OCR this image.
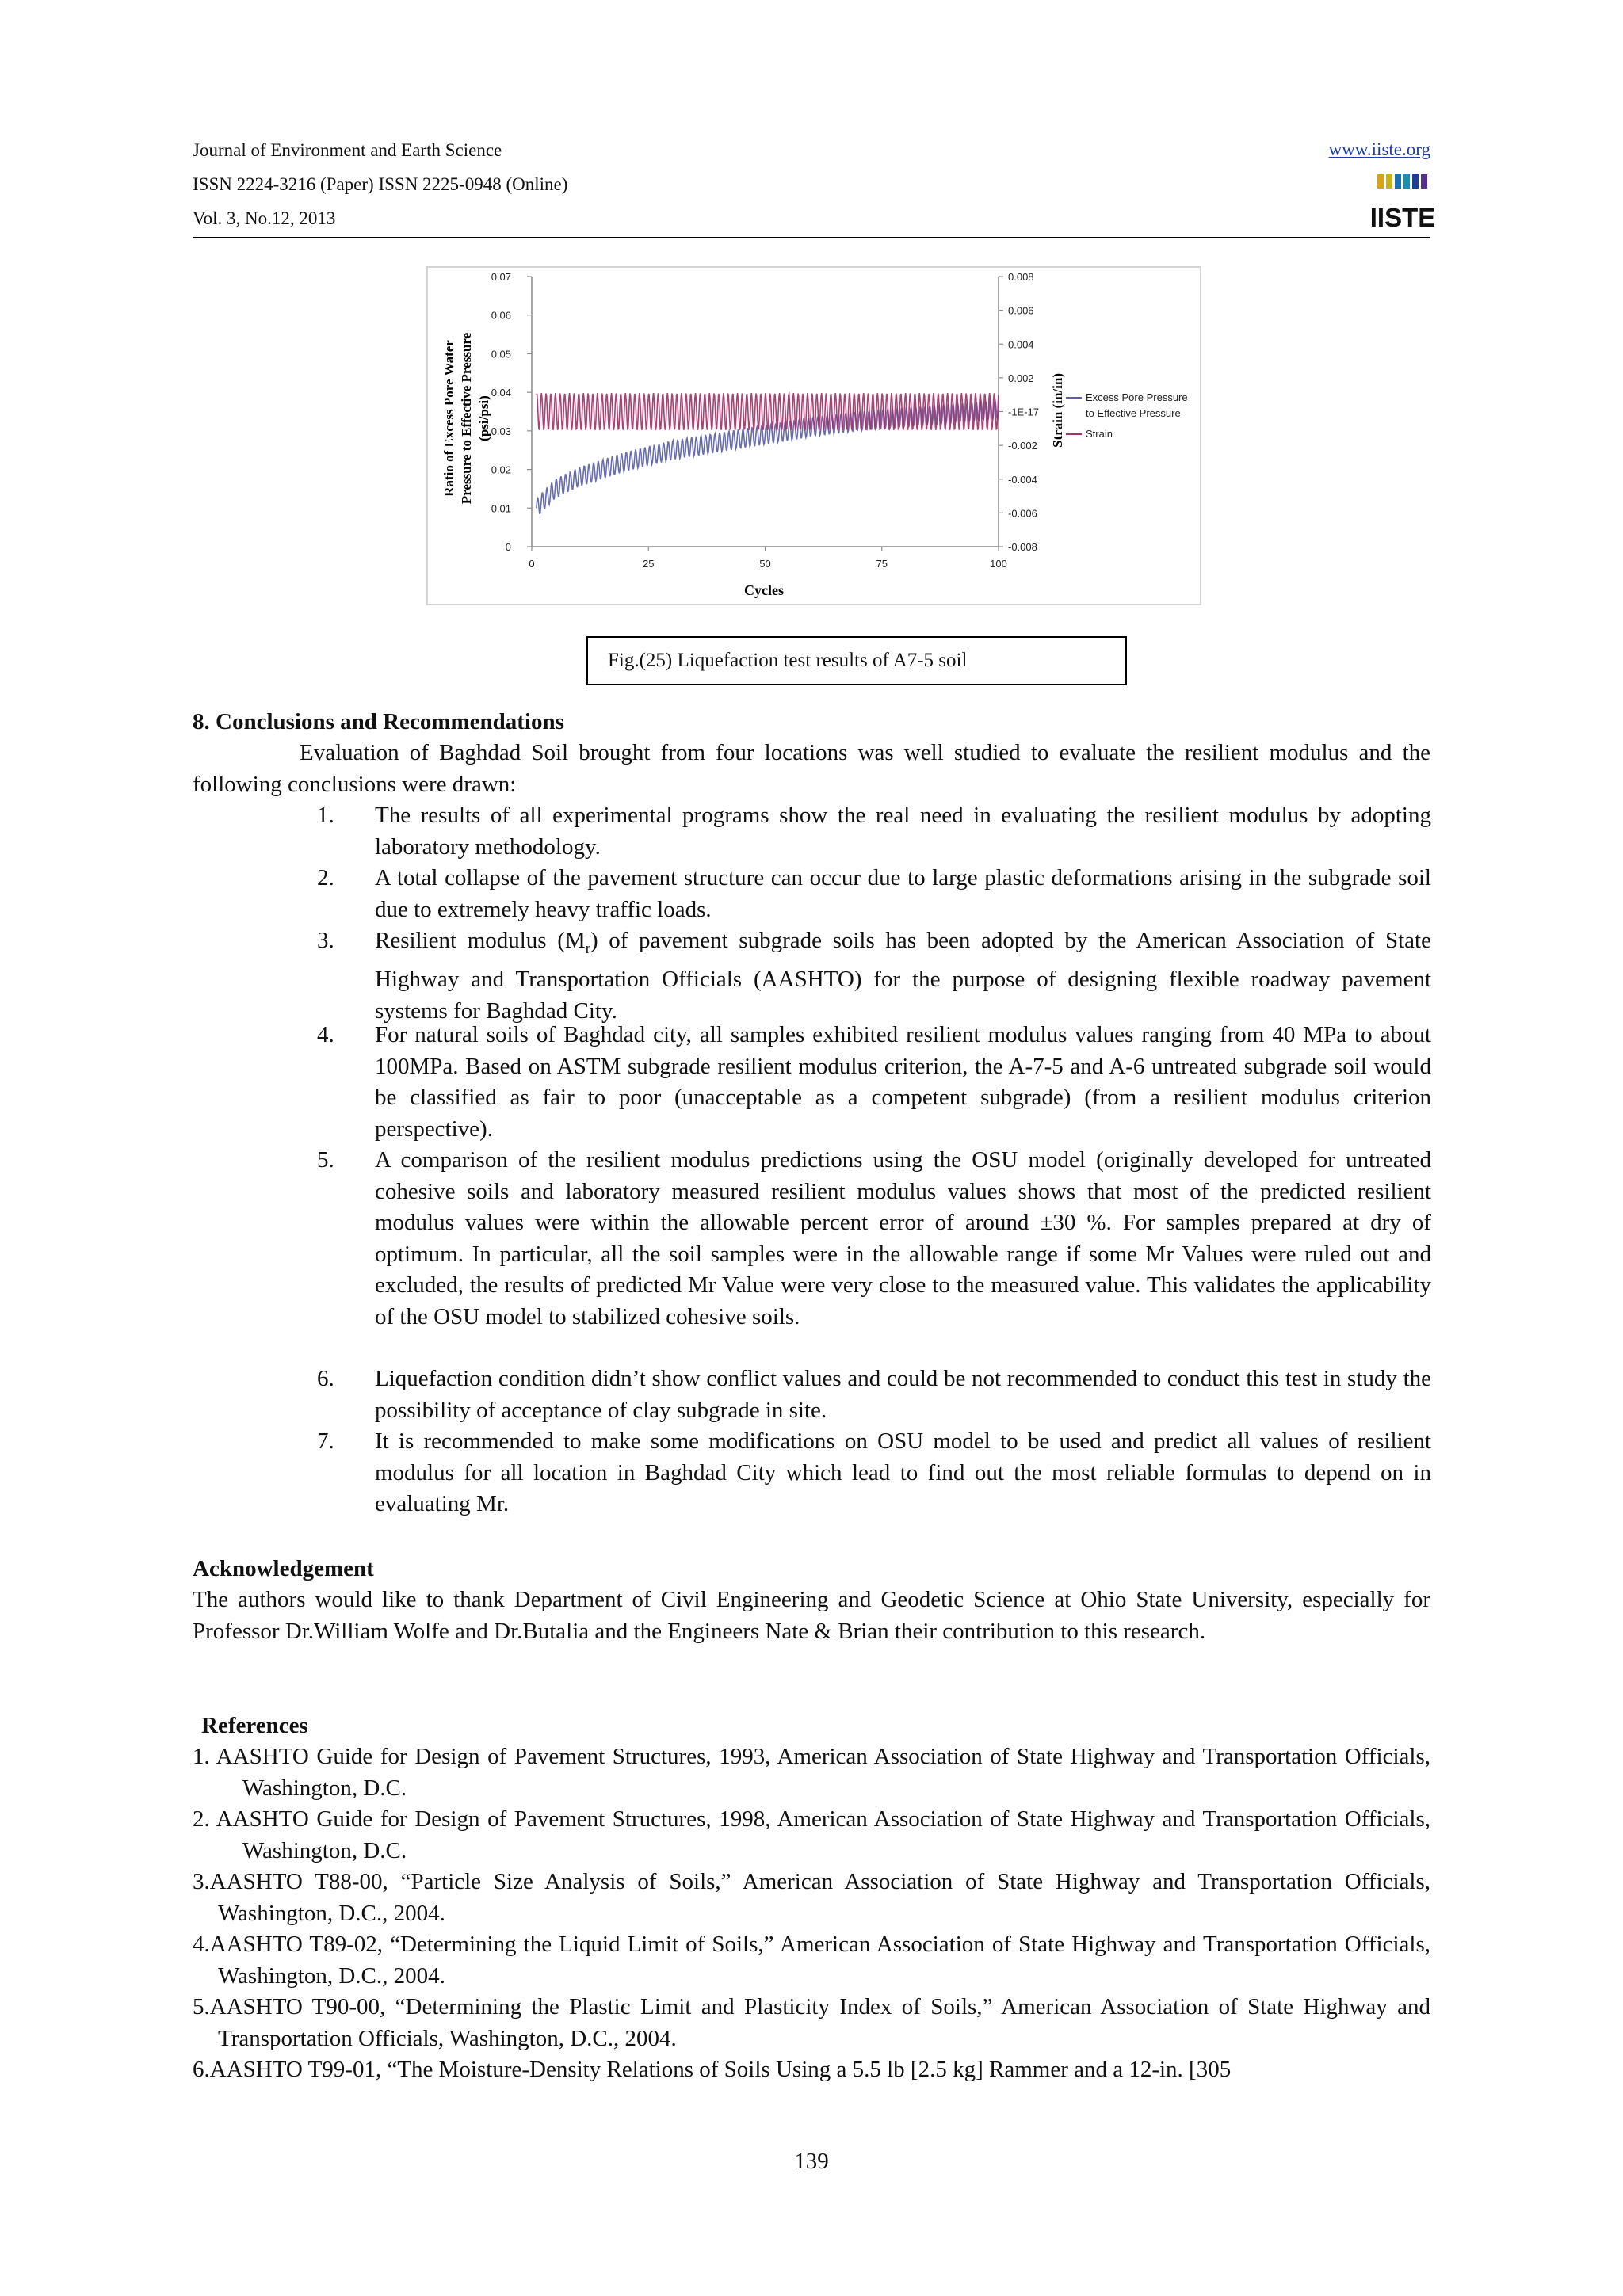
Journal of Environment and Earth Science
ISSN 2224-3216 (Paper) ISSN 2225-0948 (Online)
Vol. 3, No.12, 2013
www.iiste.org
IISTE
Ratio of Excess Pore Water Pressure to Effective Pressure (psi/psi)	Strain (in/in)
Cycles
0
0.01
0.02
0.03
0.04
0.05
0.06
0.07
-0.008
-0.006
-0.004
-0.002
-1E-17
0.002
0.004
0.006
0.008
0	25	50	75	100
Excess Pore Pressure
to Effective Pressure
Strain
Fig.(25) Liquefaction test results of A7-5 soil
8. Conclusions and Recommendations
Evaluation of Baghdad Soil brought from four locations was well studied to evaluate the resilient modulus and the following conclusions were drawn:
1.	The results of all experimental programs show the real need in evaluating the resilient modulus by adopting laboratory methodology.
2.	A total collapse of the pavement structure can occur due to large plastic deformations arising in the subgrade soil due to extremely heavy traffic loads.
3.	Resilient modulus $(M_r)$ of pavement subgrade soils has been adopted by the American Association of State Highway and Transportation Officials (AASHTO) for the purpose of designing flexible roadway pavement systems for Baghdad City.
4.	For natural soils of Baghdad city, all samples exhibited resilient modulus values ranging from 40 MPa to about 100MPa. Based on ASTM subgrade resilient modulus criterion, the A-7-5 and A-6 untreated subgrade soil would be classified as fair to poor (unacceptable as a competent subgrade) (from a resilient modulus criterion perspective).
5.	A comparison of the resilient modulus predictions using the OSU model (originally developed for untreated cohesive soils and laboratory measured resilient modulus values shows that most of the predicted resilient modulus values were within the allowable percent error of around ±30 %. For samples prepared at dry of optimum. In particular, all the soil samples were in the allowable range if some Mr Values were ruled out and excluded, the results of predicted Mr Value were very close to the measured value. This validates the applicability of the OSU model to stabilized cohesive soils.
6.	Liquefaction condition didn’t show conflict values and could be not recommended to conduct this test in study the possibility of acceptance of clay subgrade in site.
7.	It is recommended to make some modifications on OSU model to be used and predict all values of resilient modulus for all location in Baghdad City which lead to find out the most reliable formulas to depend on in evaluating Mr.
Acknowledgement
The authors would like to thank Department of Civil Engineering and Geodetic Science at Ohio State University, especially for Professor Dr.William Wolfe and Dr.Butalia and the Engineers Nate & Brian their contribution to this research.
References
1. AASHTO Guide for Design of Pavement Structures, 1993, American Association of State Highway and Transportation Officials, Washington, D.C.
2. AASHTO Guide for Design of Pavement Structures, 1998, American Association of State Highway and Transportation Officials, Washington, D.C.
3.AASHTO T88-00, “Particle Size Analysis of Soils,” American Association of State Highway and Transportation Officials, Washington, D.C., 2004.
4.AASHTO T89-02, “Determining the Liquid Limit of Soils,” American Association of State Highway and Transportation Officials, Washington, D.C., 2004.
5.AASHTO T90-00, “Determining the Plastic Limit and Plasticity Index of Soils,” American Association of State Highway and Transportation Officials, Washington, D.C., 2004.
6.AASHTO T99-01, “The Moisture-Density Relations of Soils Using a 5.5 lb [2.5 kg] Rammer and a 12-in. [305
139
